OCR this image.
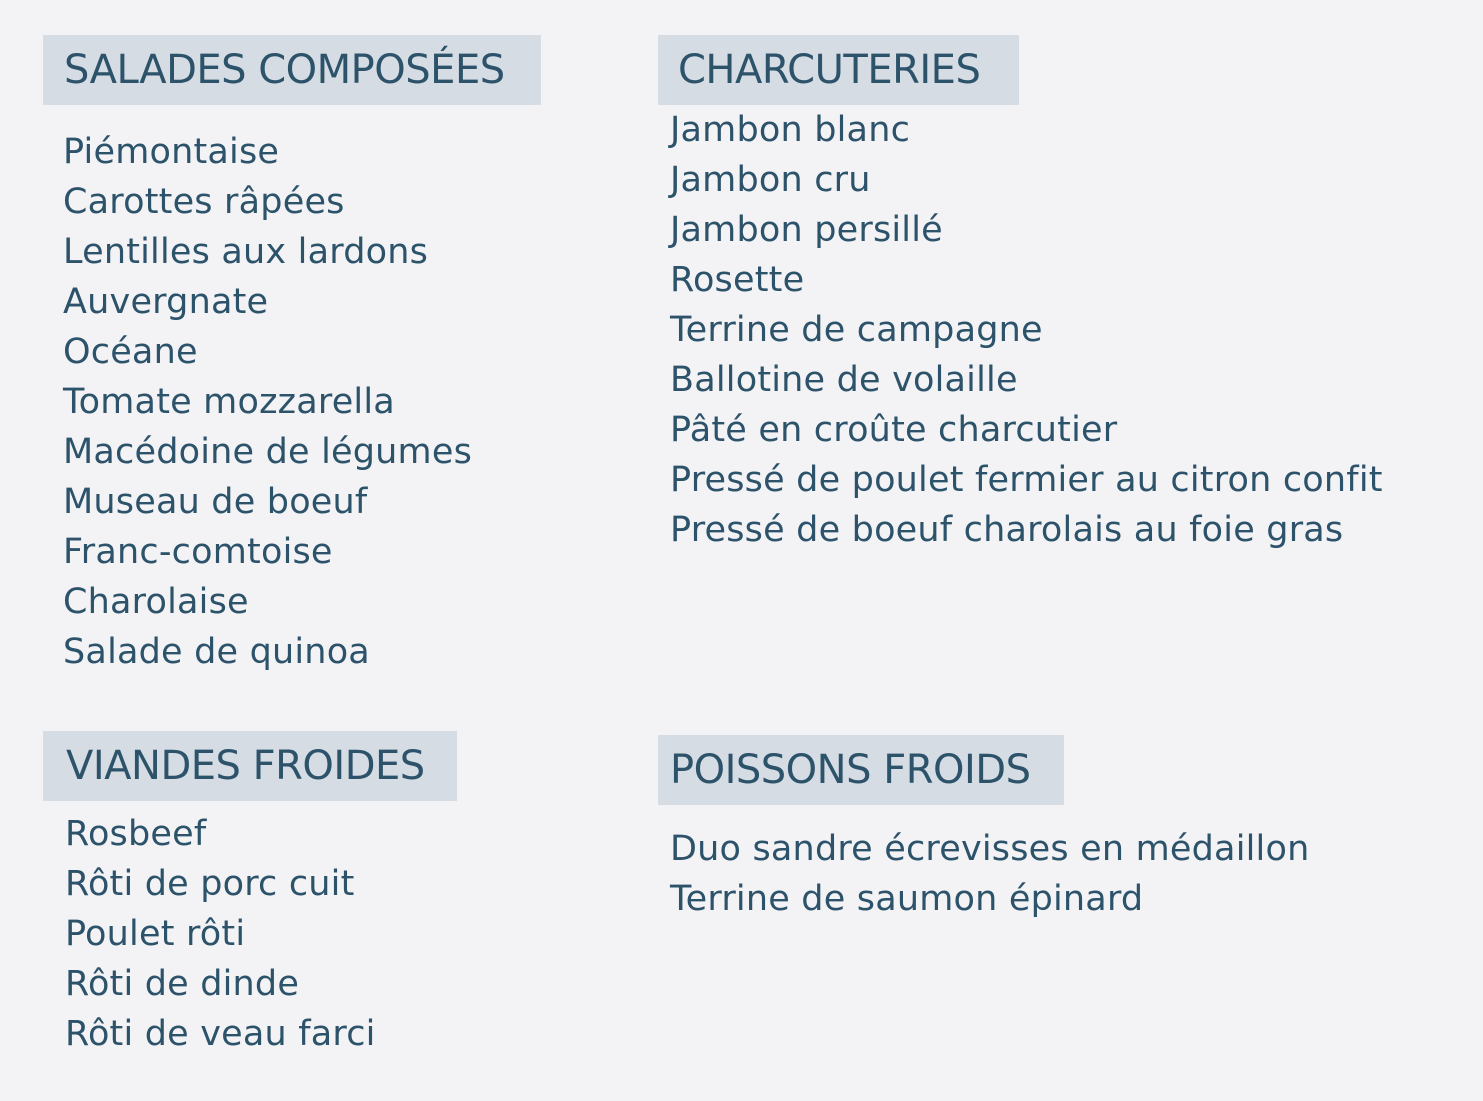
SALADES COMPOSÉES
Piémontaise
Carottes râpées
Lentilles aux lardons
Auvergnate
Océane
Tomate mozzarella
Macédoine de légumes
Museau de boeuf
Franc-comtoise
Charolaise
Salade de quinoa
CHARCUTERIES
Jambon blanc
Jambon cru
Jambon persillé
Rosette
Terrine de campagne
Ballotine de volaille
Pâté en croûte charcutier
Pressé de poulet fermier au citron confit
Pressé de boeuf charolais au foie gras
VIANDES FROIDES
Rosbeef
Rôti de porc cuit
Poulet rôti
Rôti de dinde
Rôti de veau farci
POISSONS FROIDS
Duo sandre écrevisses en médaillon
Terrine de saumon épinard
